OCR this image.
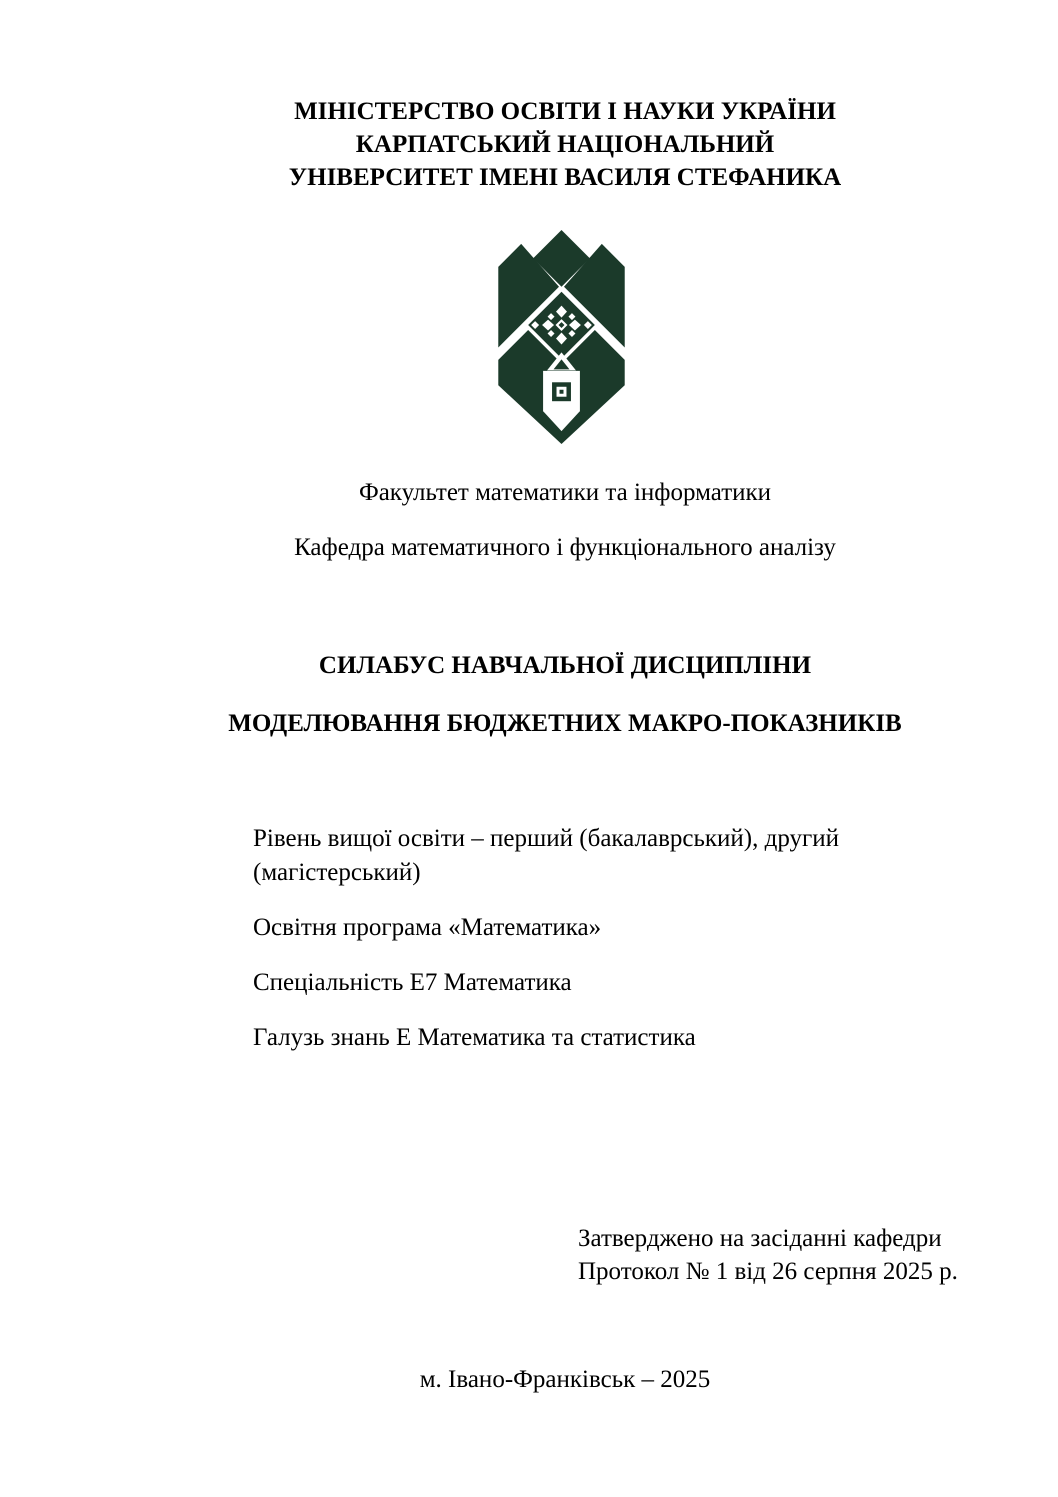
МІНІСТЕРСТВО ОСВІТИ І НАУКИ УКРАЇНИ
КАРПАТСЬКИЙ НАЦІОНАЛЬНИЙ
УНІВЕРСИТЕТ ІМЕНІ ВАСИЛЯ СТЕФАНИКА
Факультет математики та інформатики
Кафедра математичного і функціонального аналізу
СИЛАБУС НАВЧАЛЬНОЇ ДИСЦИПЛІНИ
МОДЕЛЮВАННЯ БЮДЖЕТНИХ МАКРО-ПОКАЗНИКІВ

Рівень вищої освіти – перший (бакалаврський), другий
(магістерський)

Освітня програма «Математика»

Спеціальність Е7 Математика

Галузь знань Е Математика та статистика

Затверджено на засіданні кафедри
Протокол № 1 від 26 серпня 2025 р.
м. Івано-Франківськ – 2025
